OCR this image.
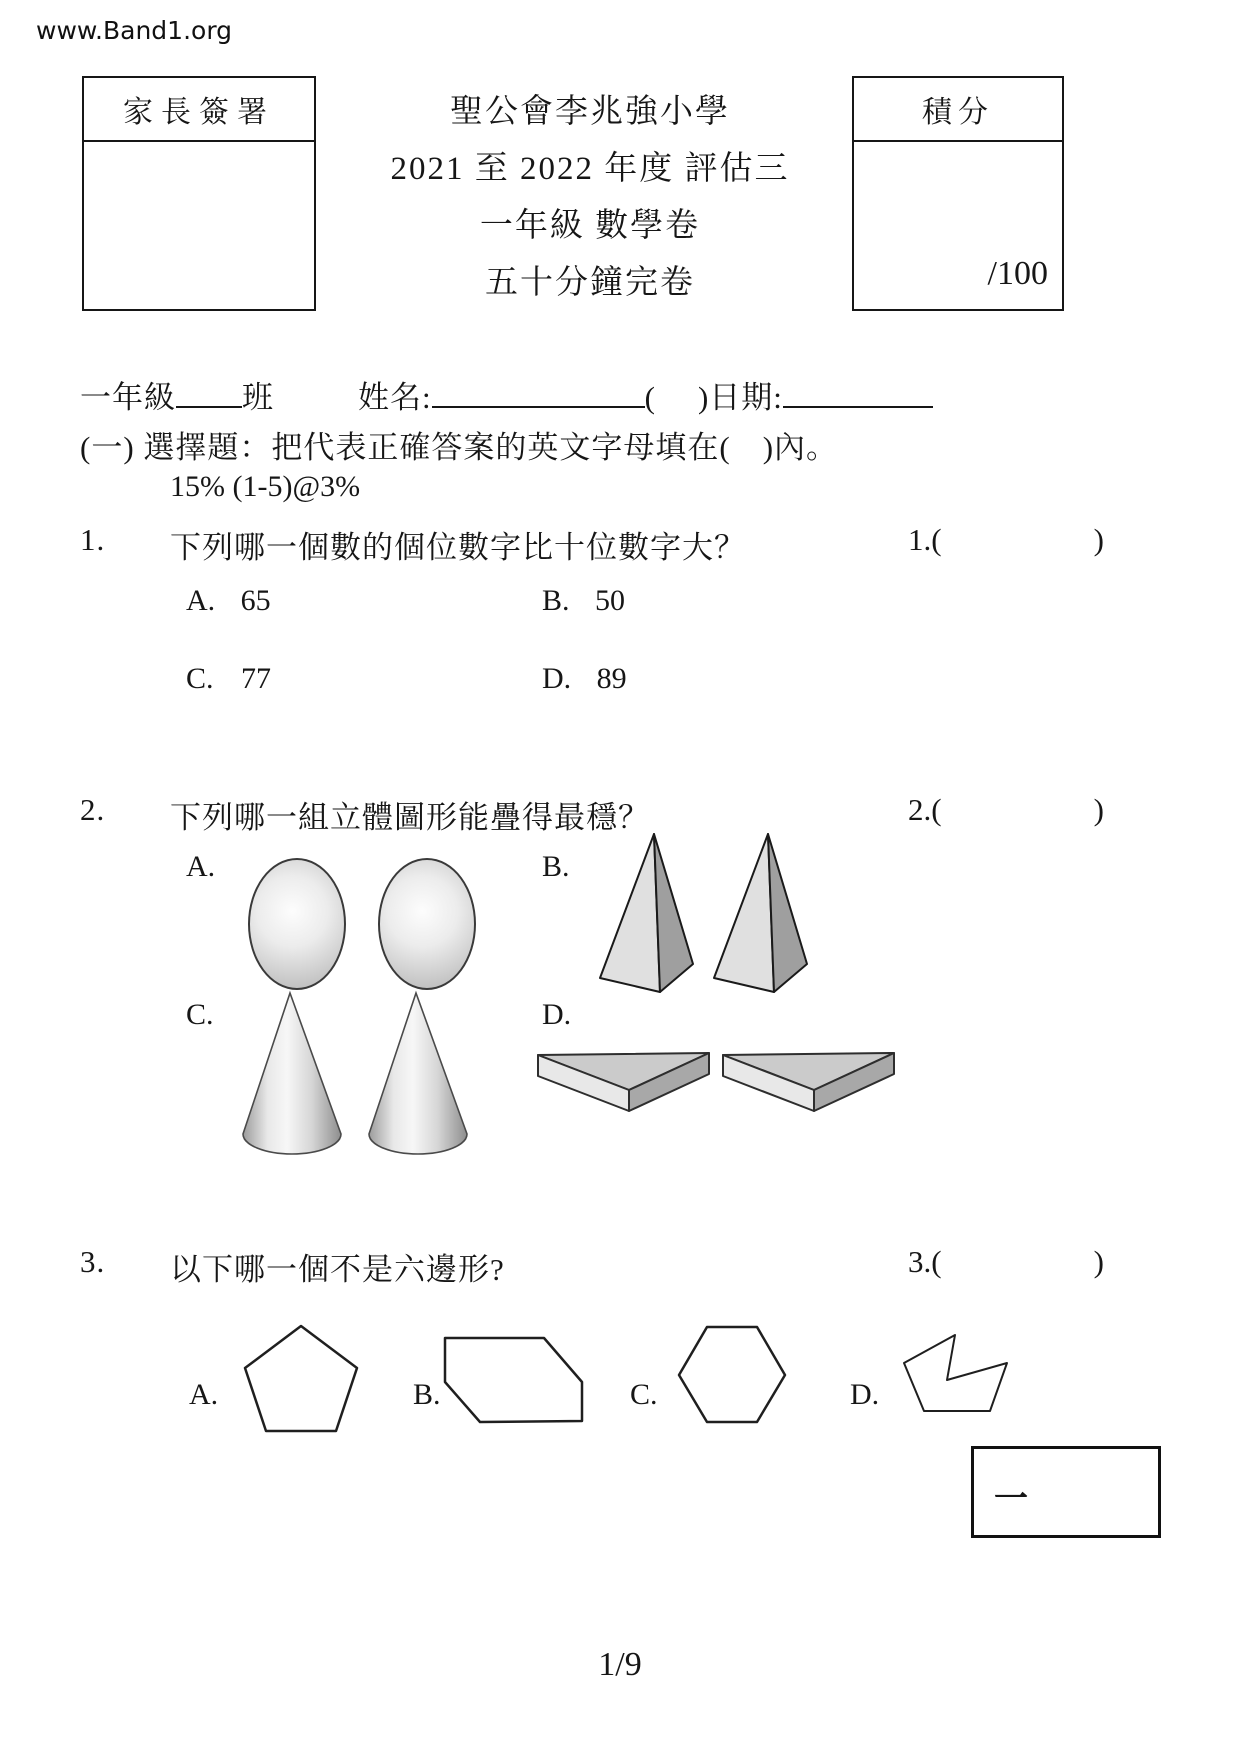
www.Band1.org
家長簽署	聖公會李兆強小學
2021 至 2022 年度 評估三
一年級 數學卷
五十分鐘完卷
積分
/100
一年級 班	姓名:	( )日期:
(一) 選擇題：把代表正確答案的英文字母填在(　)內。
15% (1-5)@3%
1. 下列哪一個數的個位數字比十位數字大？	1.(	)
A. 65	B. 50
C. 77	D. 89
2. 下列哪一組立體圖形能疊得最穩？	2.(	)
A.	B.
C.	D.
3. 以下哪一個不是六邊形?	3.(	)
A.	B.	C.	D.
一
1/9
